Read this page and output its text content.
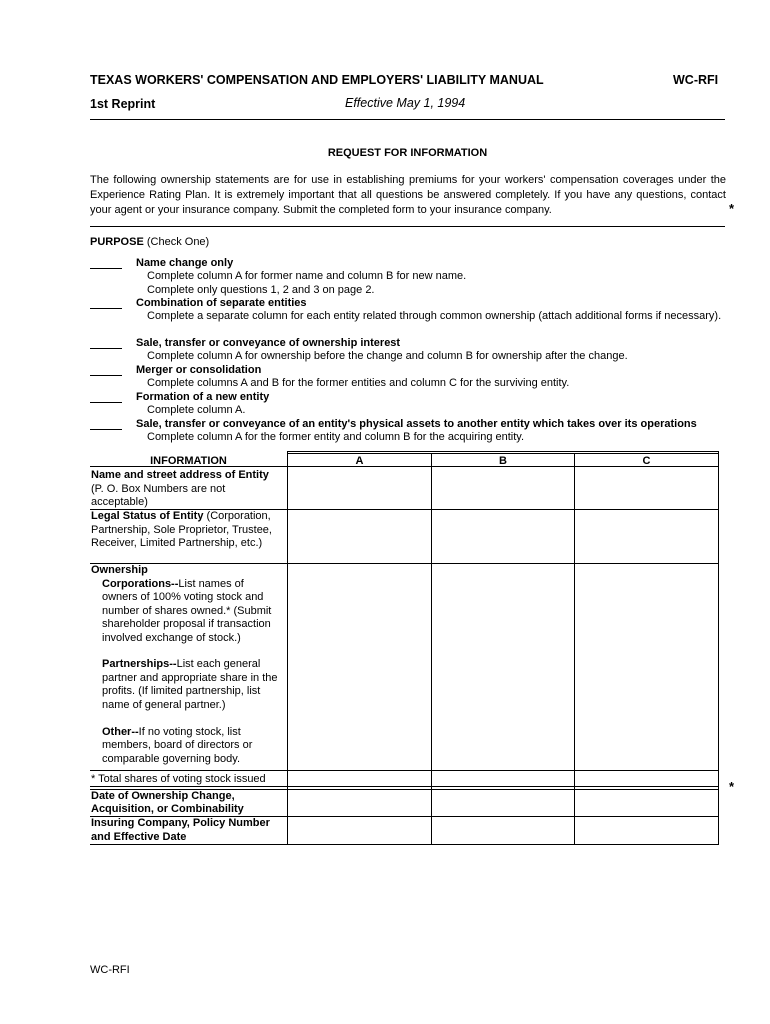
TEXAS WORKERS' COMPENSATION AND EMPLOYERS' LIABILITY MANUAL	WC-RFI
1st Reprint	Effective May 1, 1994
REQUEST FOR INFORMATION
The following ownership statements are for use in establishing premiums for your workers' compensation coverages under the Experience Rating Plan. It is extremely important that all questions be answered completely. If you have any questions, contact your agent or your insurance company. Submit the completed form to your insurance company.	*
PURPOSE (Check One)
Name change only
Complete column A for former name and column B for new name.
Complete only questions 1, 2 and 3 on page 2.
Combination of separate entities
Complete a separate column for each entity related through common ownership (attach additional forms if necessary).
Sale, transfer or conveyance of ownership interest
Complete column A for ownership before the change and column B for ownership after the change.
Merger or consolidation
Complete columns A and B for the former entities and column C for the surviving entity.
Formation of a new entity
Complete column A.
Sale, transfer or conveyance of an entity's physical assets to another entity which takes over its operations
Complete column A for the former entity and column B for the acquiring entity.
INFORMATION	A	B	C
Name and street address of Entity
(P. O. Box Numbers are not acceptable)
Legal Status of Entity (Corporation, Partnership, Sole Proprietor, Trustee, Receiver, Limited Partnership, etc.)
Ownership
Corporations--List names of owners of 100% voting stock and number of shares owned.* (Submit shareholder proposal if transaction involved exchange of stock.)
Partnerships--List each general partner and appropriate share in the profits. (If limited partnership, list name of general partner.)
Other--If no voting stock, list members, board of directors or comparable governing body.
* Total shares of voting stock issued	*
Date of Ownership Change, Acquisition, or Combinability
Insuring Company, Policy Number and Effective Date
WC-RFI
